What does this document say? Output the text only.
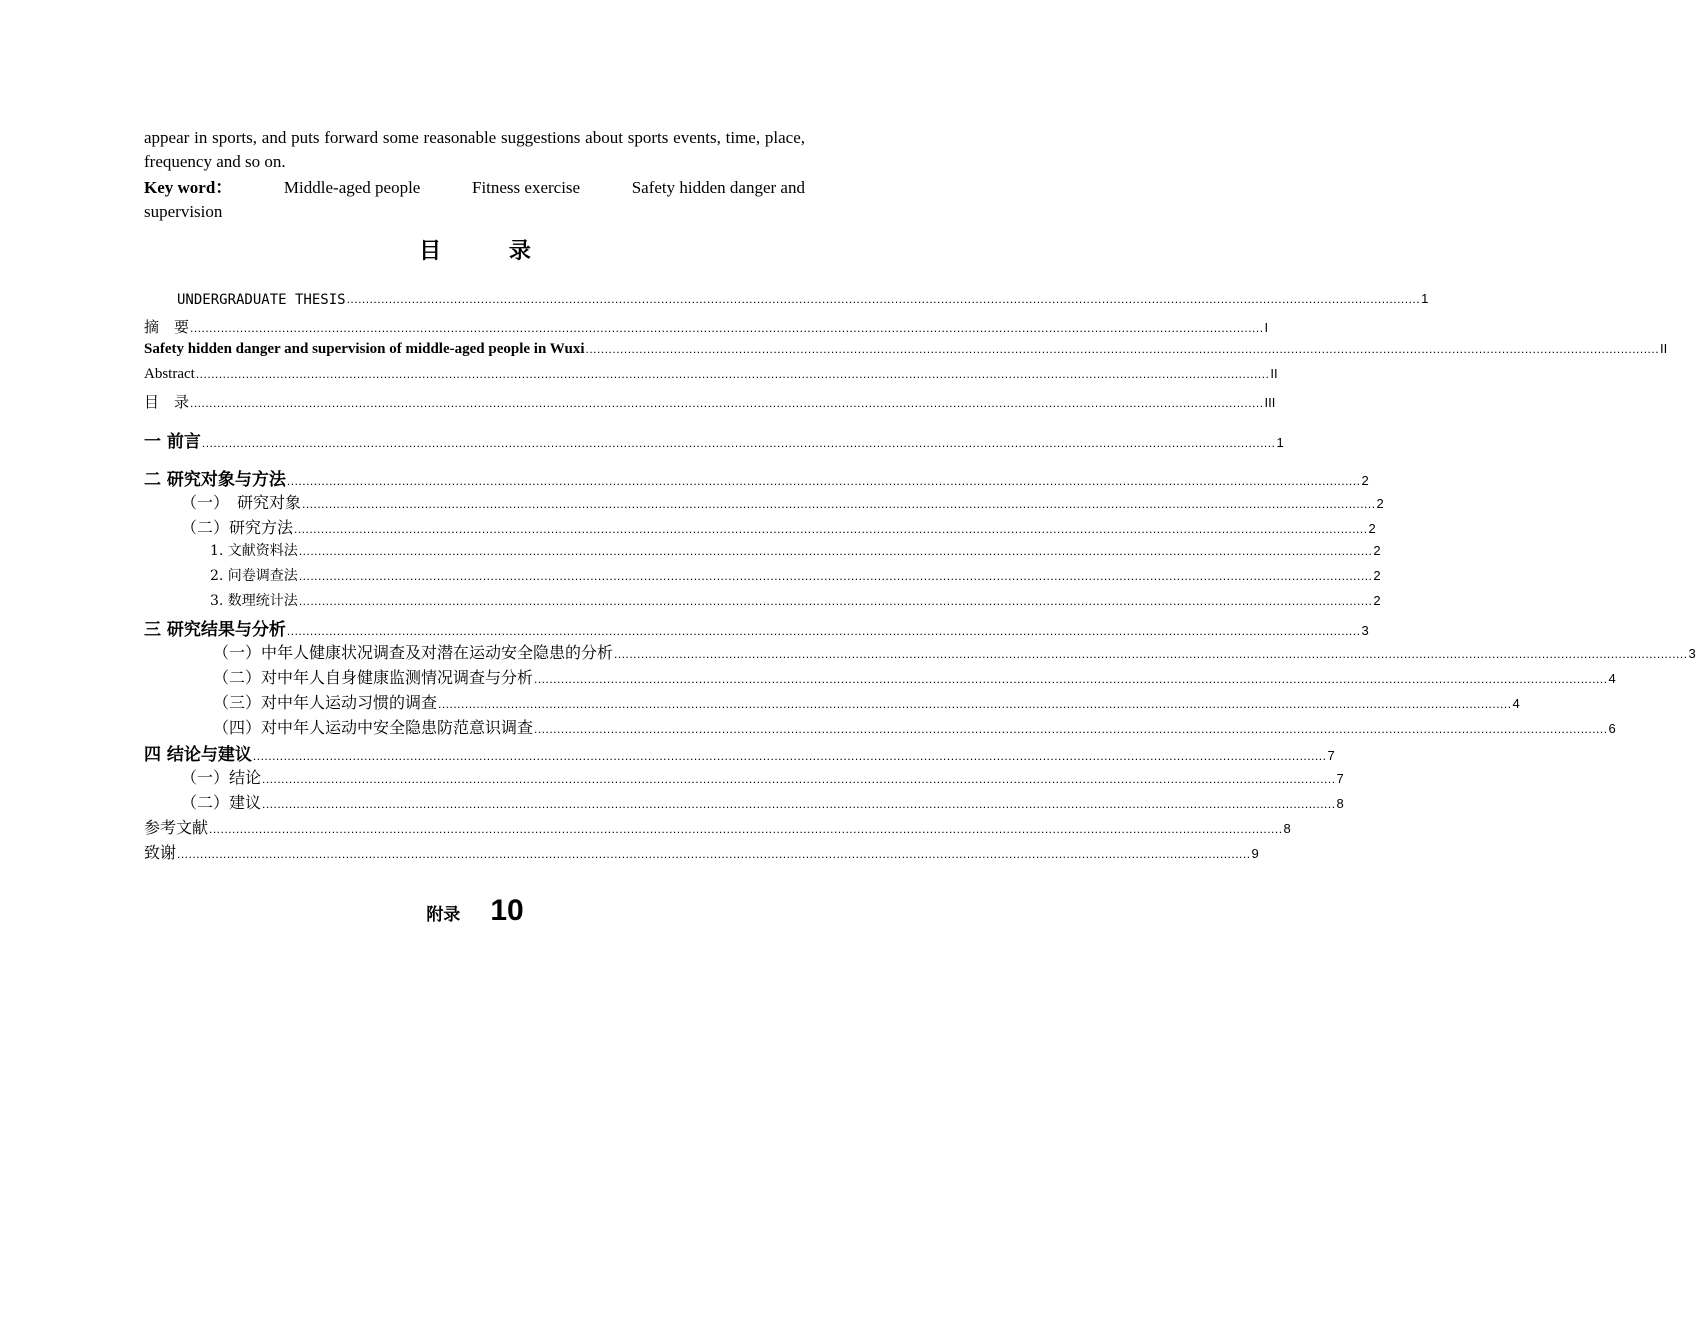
appear in sports, and puts forward some reasonable suggestions about sports events, time, place, frequency and so on.
Key word：	Middle-aged people	Fitness exercise	Safety hidden danger and
supervision
目 录
UNDERGRADUATE THESIS ........................................................................................................................................................................................................................................................................................ 1
摘　要 ........................................................................................................................................................................................................................................................................................ I
Safety hidden danger and supervision of middle-aged people in Wuxi ........................................................................................................................................................................................................................................................................................ II
Abstract ........................................................................................................................................................................................................................................................................................ II
目　录 ........................................................................................................................................................................................................................................................................................ III
一 前言 ........................................................................................................................................................................................................................................................................................ 1
二 研究对象与方法 ........................................................................................................................................................................................................................................................................................ 2
（一）　研究对象 ........................................................................................................................................................................................................................................................................................ 2
（二）研究方法 ........................................................................................................................................................................................................................................................................................ 2
1. 文献资料法 ........................................................................................................................................................................................................................................................................................ 2
2. 问卷调查法 ........................................................................................................................................................................................................................................................................................ 2
3. 数理统计法 ........................................................................................................................................................................................................................................................................................ 2
三 研究结果与分析 ........................................................................................................................................................................................................................................................................................ 3
（一）中年人健康状况调查及对潜在运动安全隐患的分析 ........................................................................................................................................................................................................................................................................................ 3
（二）对中年人自身健康监测情况调查与分析 ........................................................................................................................................................................................................................................................................................ 4
（三）对中年人运动习惯的调查 ........................................................................................................................................................................................................................................................................................ 4
（四）对中年人运动中安全隐患防范意识调查 ........................................................................................................................................................................................................................................................................................ 6
四 结论与建议 ........................................................................................................................................................................................................................................................................................ 7
（一）结论 ........................................................................................................................................................................................................................................................................................ 7
（二）建议 ........................................................................................................................................................................................................................................................................................ 8
参考文献 ........................................................................................................................................................................................................................................................................................ 8
致谢 ........................................................................................................................................................................................................................................................................................ 9
附录 10
